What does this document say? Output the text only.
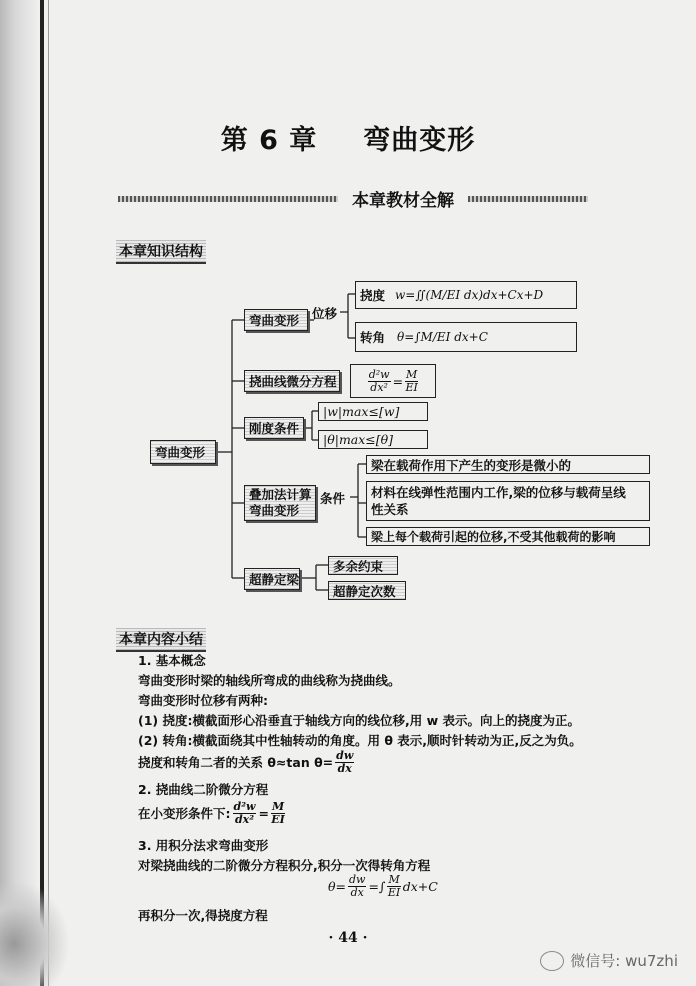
第 6 章 弯曲变形
本章教材全解
本章知识结构
弯曲变形
弯曲变形	位移
挠度 w=∬(M/EI dx)dx+Cx+D
转角 θ=∫M/EI dx+C
挠曲线微分方程	$\frac{\text{d²w}}{\text{dx²}} = \frac{M}{EI}$
刚度条件
|w|max≤[w]
|θ|max≤[θ]
叠加法计算
弯曲变形
条件
梁在载荷作用下产生的变形是微小的
材料在线弹性范围内工作,梁的位移与载荷呈线
性关系
梁上每个载荷引起的位移,不受其他载荷的影响
超静定梁
多余约束
超静定次数
本章内容小结
1. 基本概念
弯曲变形时梁的轴线所弯成的曲线称为挠曲线。
弯曲变形时位移有两种:
(1) 挠度:横截面形心沿垂直于轴线方向的线位移,用 w 表示。向上的挠度为正。
(2) 转角:横截面绕其中性轴转动的角度。用 θ 表示,顺时针转动为正,反之为负。
挠度和转角二者的关系 θ≈tan $\theta= \frac{dw}{dx}$
2. 挠曲线二阶微分方程
在小变形条件下: $\frac{\text{d²w}}{\text{dx²}} = \frac{M}{EI}$
3. 用积分法求弯曲变形
对梁挠曲线的二阶微分方程积分,积分一次得转角方程
$\theta= \frac{dw}{dx}$ =∫ $\frac{M}{EI} dx+C$
再积分一次,得挠度方程
· 44 ·
微信号: wu7zhi
